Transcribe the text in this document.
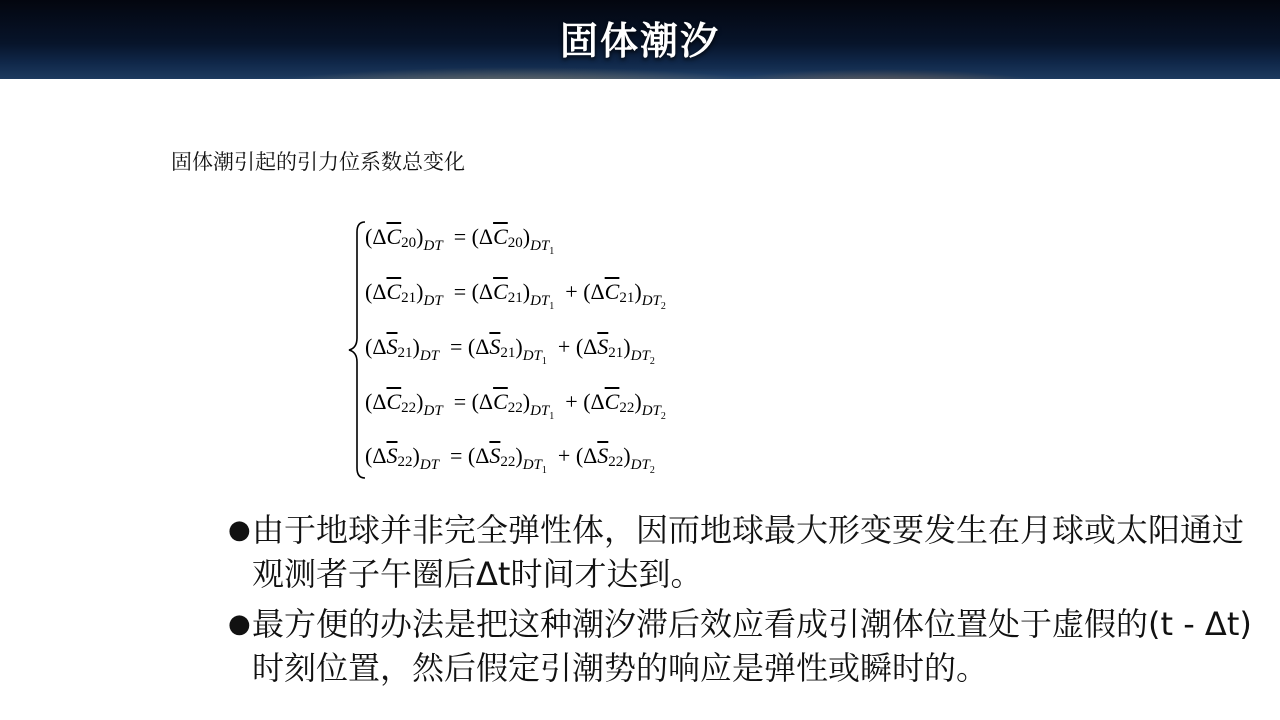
固体潮汐
固体潮引起的引力位系数总变化
$(\Delta\overline{C}20)_{DT} = (\Delta\overline{C}20)_{DT_1}$
$(\Delta\overline{C}21)_{DT} = (\Delta\overline{C}21)_{DT_1} + (\Delta\overline{C}21)_{DT_2}$
$(\Delta\overline{S}21)_{DT} = (\Delta\overline{S}21)_{DT_1} + (\Delta\overline{S}21)_{DT_2}$
$(\Delta\overline{C}22)_{DT} = (\Delta\overline{C}22)_{DT_1} + (\Delta\overline{C}22)_{DT_2}$
$(\Delta\overline{S}22)_{DT} = (\Delta\overline{S}22)_{DT_1} + (\Delta\overline{S}22)_{DT_2}$
● 由于地球并非完全弹性体，因而地球最大形变要发生在月球或太阳通过观测者子午圈后Δt时间才达到。
● 最方便的办法是把这种潮汐滞后效应看成引潮体位置处于虚假的(t - Δt)时刻位置，然后假定引潮势的响应是弹性或瞬时的。
